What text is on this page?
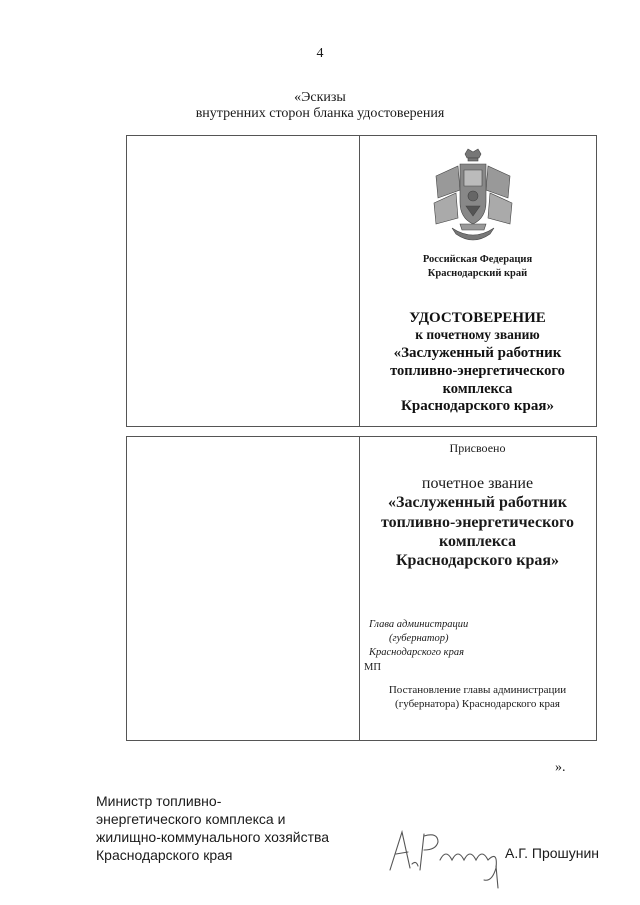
4
«Эскизы
внутренних сторон бланка удостоверения
Российская Федерация
Краснодарский край
УДОСТОВЕРЕНИЕ
к почетному званию
«Заслуженный работник
топливно-энергетического
комплекса
Краснодарского края»
Присвоено
почетное звание
«Заслуженный работник
топливно-энергетического
комплекса
Краснодарского края»
Глава администрации
(губернатор)
Краснодарского края
МП
Постановление главы администрации
(губернатора) Краснодарского края
».
Министр топливно-
энергетического комплекса и
жилищно-коммунального хозяйства
Краснодарского края	А.Г. Прошунин
